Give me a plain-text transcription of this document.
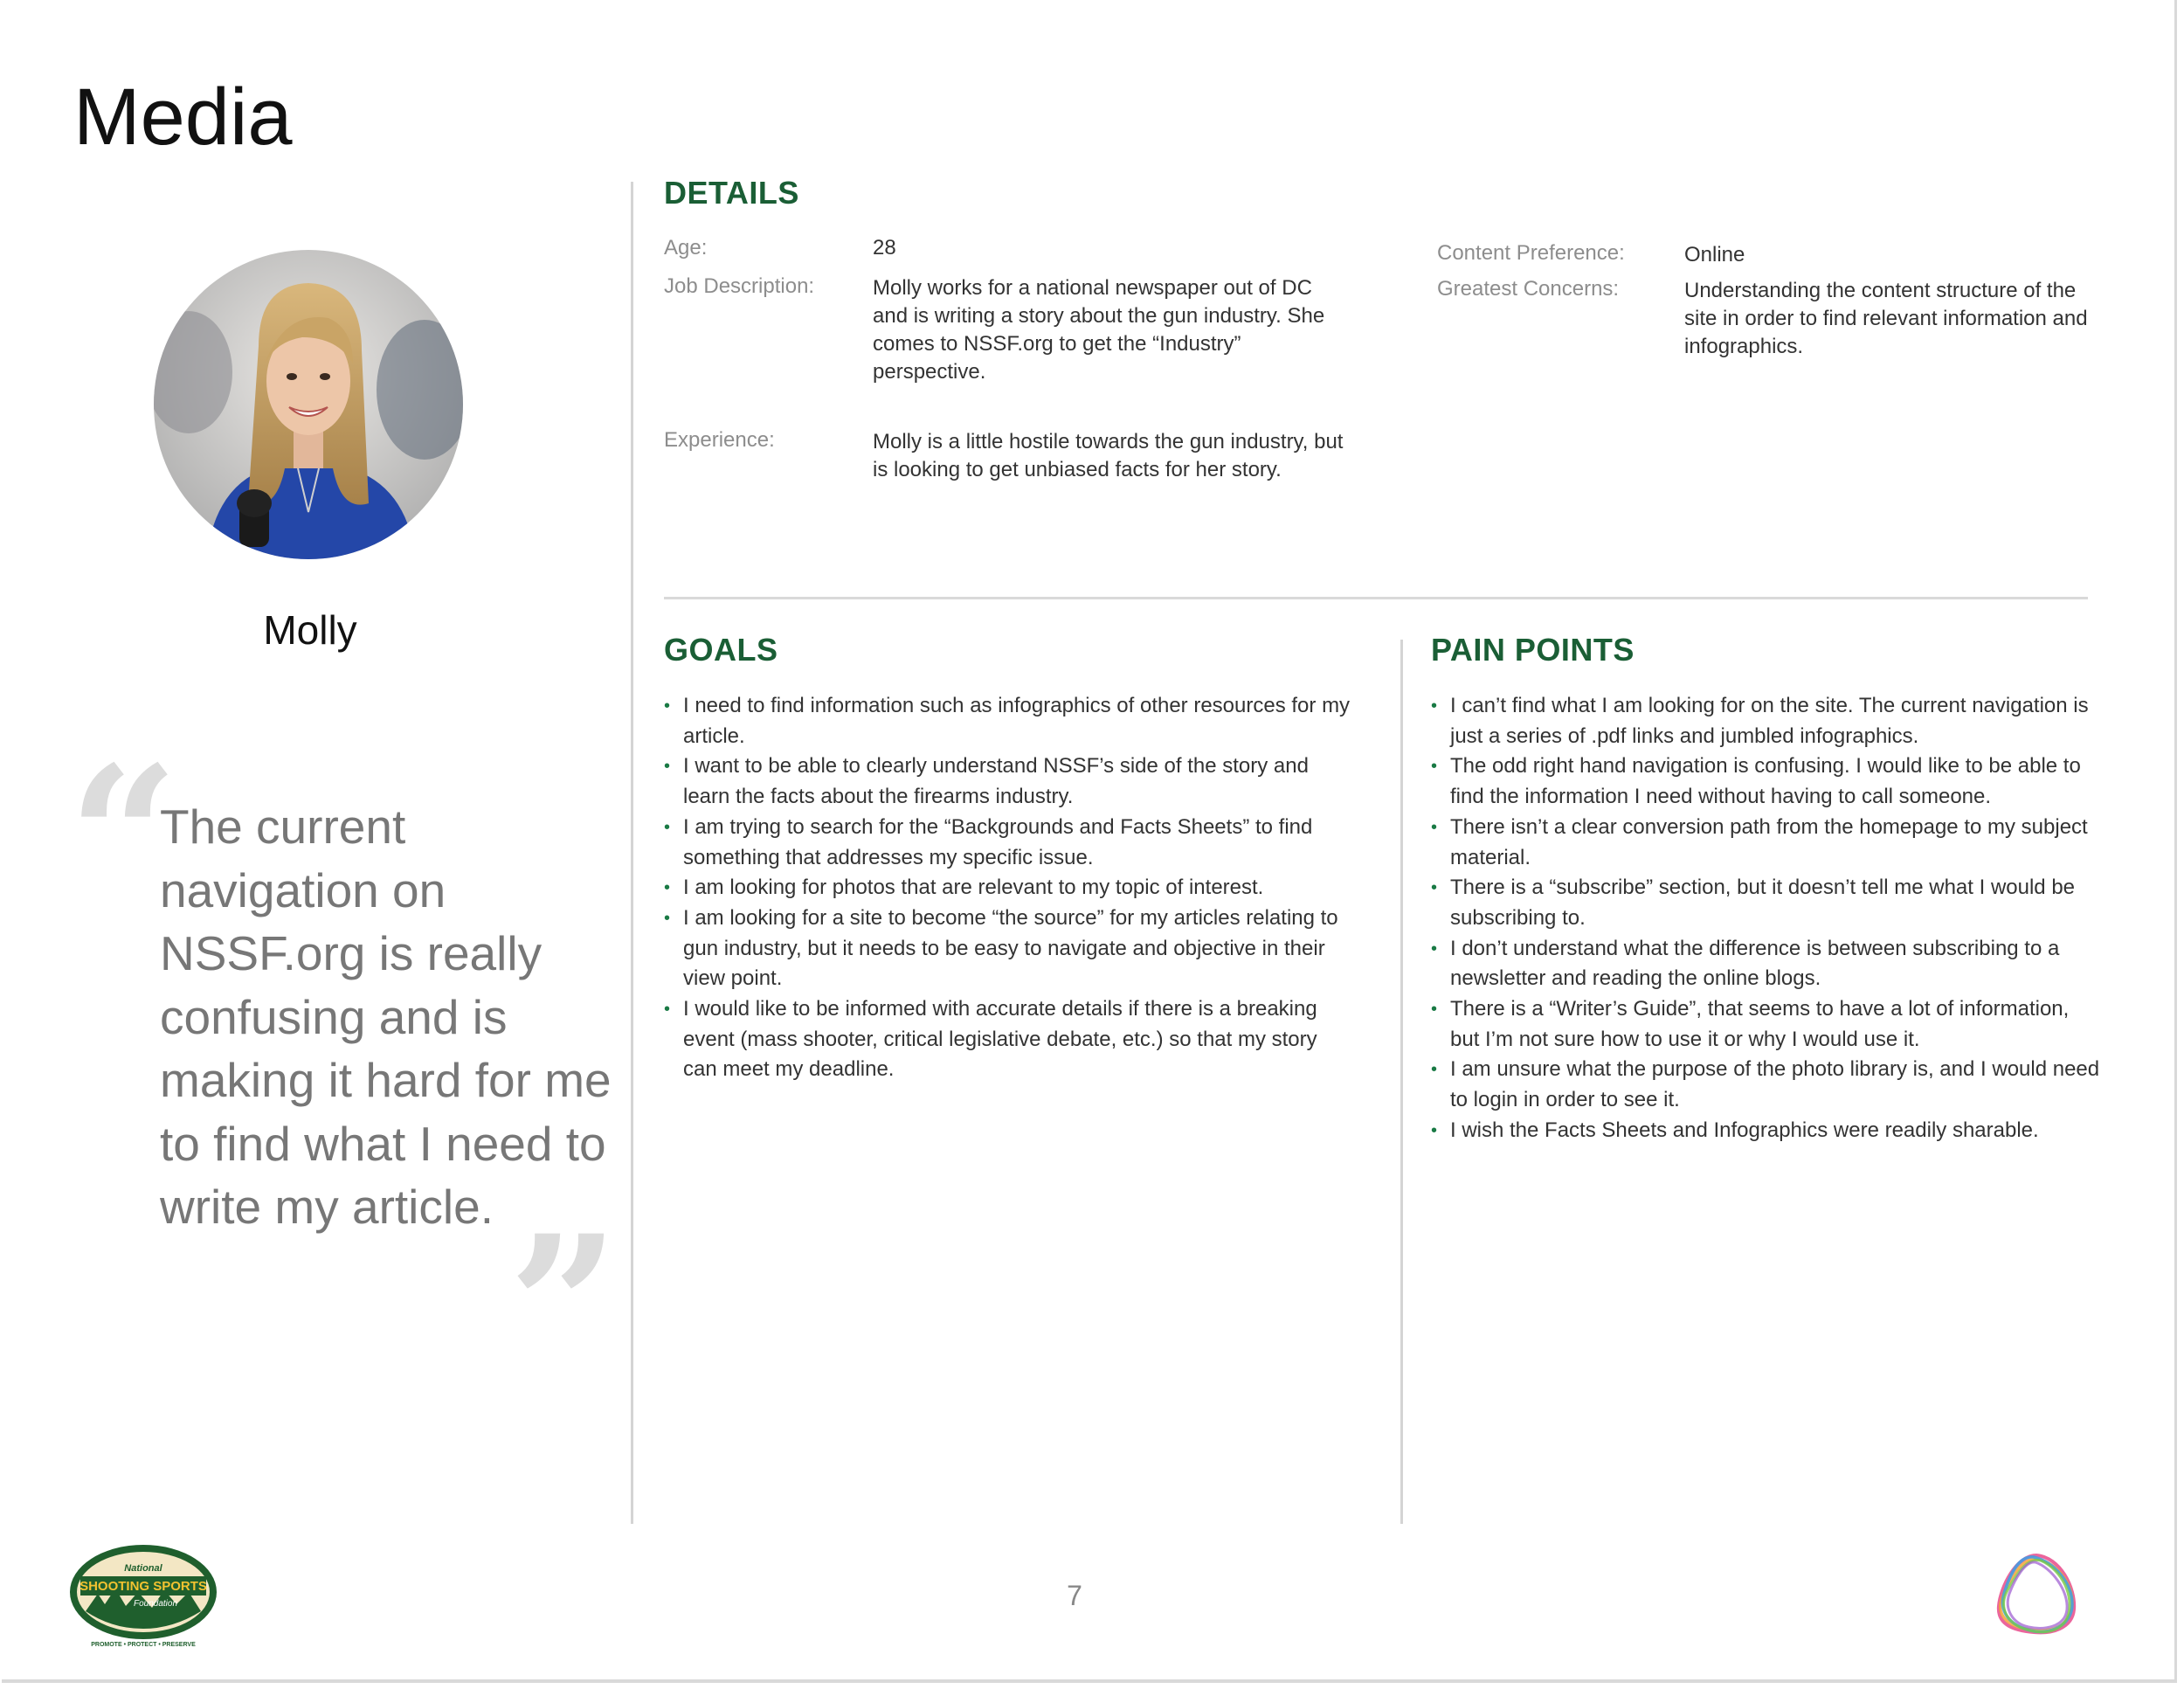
Media
Molly
“
The current navigation on NSSF.org is really confusing and is making it hard for me to find what I need to write my article. ”
DETAILS
Age:	28
Job Description:	Molly works for a national newspaper out of DC and is writing a story about the gun industry. She comes to NSSF.org to get the “Industry” perspective.
Experience:	Molly is a little hostile towards the gun industry, but is looking to get unbiased facts for her story.
Content Preference:	Online
Greatest Concerns:	Understanding the content structure of the site in order to find relevant information and infographics.
GOALS
• I need to find information such as infographics of other resources for my article.
• I want to be able to clearly understand NSSF’s side of the story and learn the facts about the firearms industry.
• I am trying to search for the “Backgrounds and Facts Sheets” to find something that addresses my specific issue.
• I am looking for photos that are relevant to my topic of interest.
• I am looking for a site to become “the source” for my articles relating to gun industry, but it needs to be easy to navigate and objective in their view point.
• I would like to be informed with accurate details if there is a breaking event (mass shooter, critical legislative debate, etc.) so that my story can meet my deadline.
PAIN POINTS
• I can’t find what I am looking for on the site. The current navigation is just a series of .pdf links and jumbled infographics.
• The odd right hand navigation is confusing. I would like to be able to find the information I need without having to call someone.
• There isn’t a clear conversion path from the homepage to my subject material.
• There is a “subscribe” section, but it doesn’t tell me what I would be subscribing to.
• I don’t understand what the difference is between subscribing to a newsletter and reading the online blogs.
• There is a “Writer’s Guide”, that seems to have a lot of information, but I’m not sure how to use it or why I would use it.
• I am unsure what the purpose of the photo library is, and I would need to login in order to see it.
• I wish the Facts Sheets and Infographics were readily sharable.
National
SHOOTING SPORTS
Foundation
PROMOTE • PROTECT • PRESERVE
7
